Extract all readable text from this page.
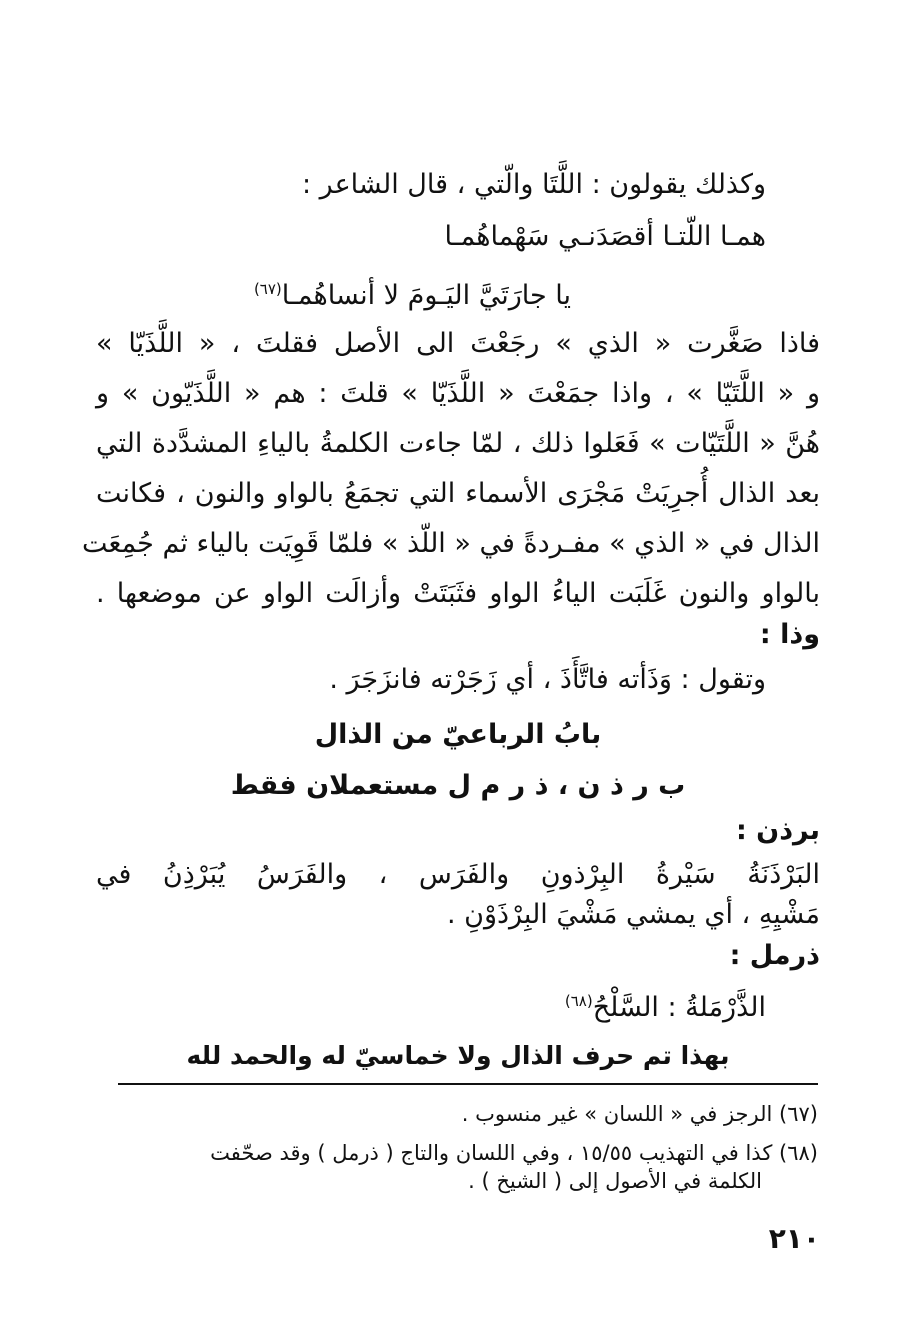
وكذلك يقولون : اللَّتَا والّتي ، قال الشاعر :
همـا اللّتـا أقصَدَنـي سَهْماهُمـا
يا جارَتَيَّ اليَـومَ لا أنساهُمـا$^{(٦٧)}$
فاذا صَغَّرت « الذي » رجَعْتَ الى الأصل فقلتَ ، « اللَّذَيّا »
و « اللَّتَيّا » ، واذا جمَعْتَ « اللَّذَيّا » قلتَ : هم « اللَّذَيّون » و
هُنَّ « اللَّتَيّات » فَعَلوا ذلك ، لمّا جاءت الكلمةُ بالياءِ المشدَّدة التي
بعد الذال أُجرِيَتْ مَجْرَى الأسماء التي تجمَعُ بالواو والنون ، فكانت
الذال في « الذي » مفـردةً في « اللّذ » فلمّا قَوِيَت بالياء ثم جُمِعَت
بالواو والنون غَلَبَت الياءُ الواو فثَبَتَتْ وأزالَت الواو عن موضعها .
وذا :
وتقول : وَذَأته فاتَّأَذَ ، أي زَجَرْته فانزَجَرَ .
بابُ الرباعيّ من الذال
ب ر ذ ن ، ذ ر م ل مستعملان فقط
برذن :
البَرْذَنَةُ سَيْرةُ البِرْذونِ والفَرَس ، والفَرَسُ يُبَرْذِنُ في
مَشْيِهِ ، أي يمشي مَشْيَ البِرْذَوْنِ .
ذرمل :
الذَّرْمَلةُ : السَّلْحُ$^{(٦٨)}$
بهذا تم حرف الذال ولا خماسيّ له والحمد لله
(٦٧) الرجز في « اللسان » غير منسوب .
(٦٨) كذا في التهذيب ١٥/٥٥ ، وفي اللسان والتاج ( ذرمل ) وقد صحّفت
الكلمة في الأصول إلى ( الشيخ ) .
٢١٠
